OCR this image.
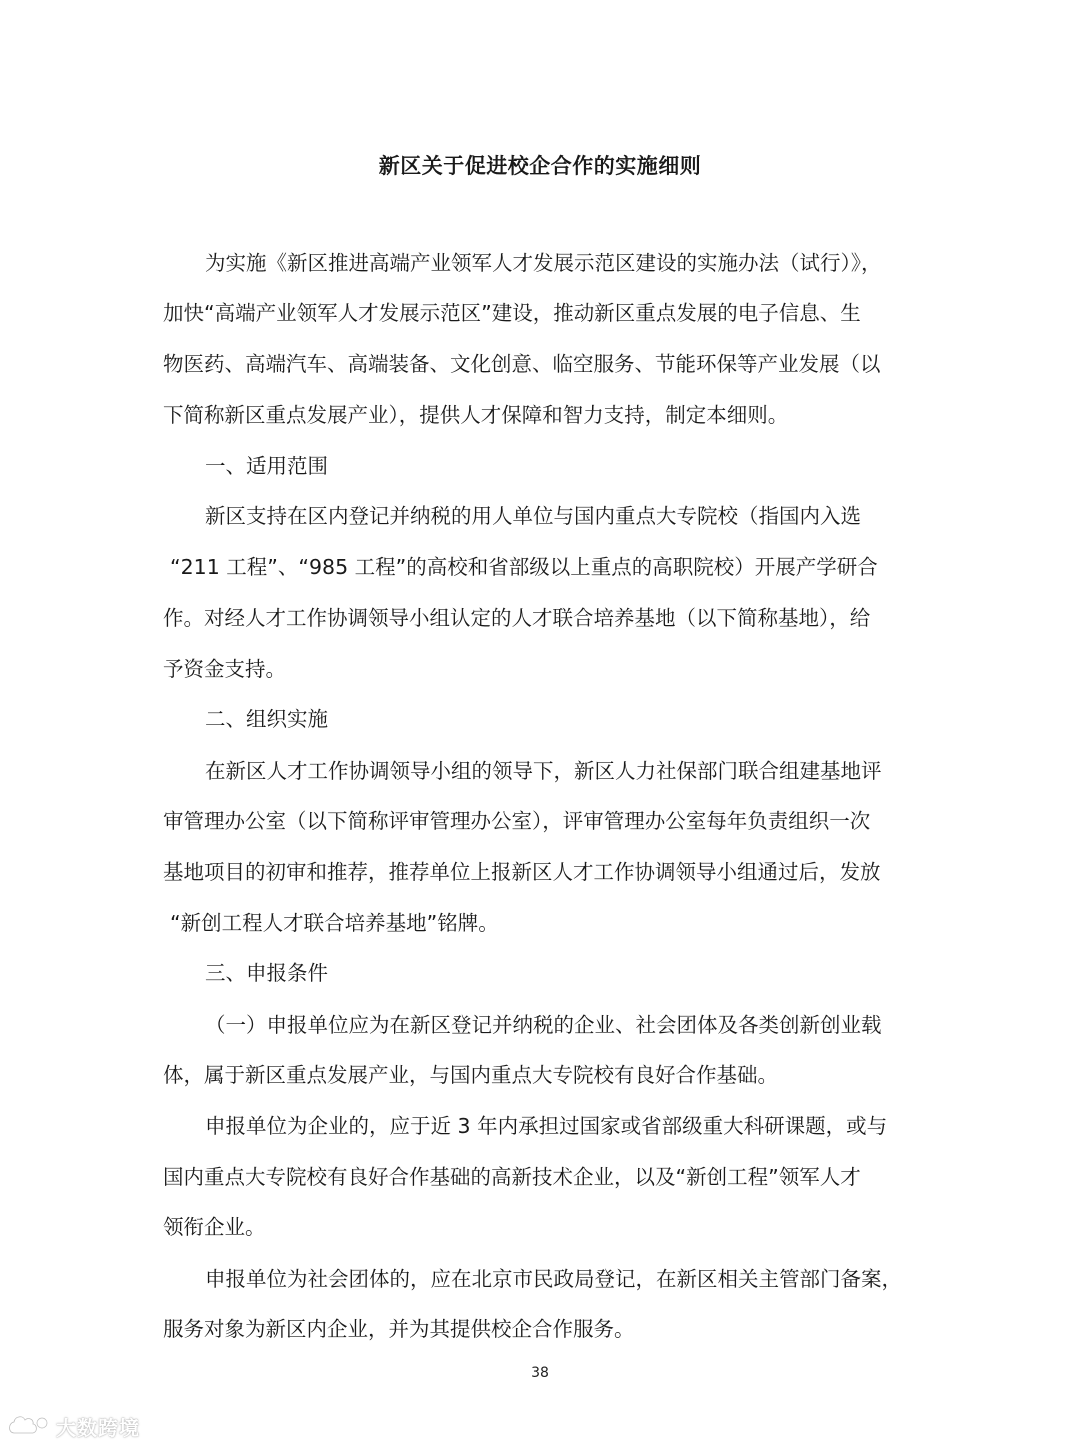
新区关于促进校企合作的实施细则
为实施《新区推进高端产业领军人才发展示范区建设的实施办法（试行）》，
加快“高端产业领军人才发展示范区”建设，推动新区重点发展的电子信息、生
物医药、高端汽车、高端装备、文化创意、临空服务、节能环保等产业发展（以
下简称新区重点发展产业），提供人才保障和智力支持，制定本细则。
一、适用范围
新区支持在区内登记并纳税的用人单位与国内重点大专院校（指国内入选
“211 工程”、“985 工程”的高校和省部级以上重点的高职院校）开展产学研合
作。对经人才工作协调领导小组认定的人才联合培养基地（以下简称基地），给
予资金支持。
二、组织实施
在新区人才工作协调领导小组的领导下，新区人力社保部门联合组建基地评
审管理办公室（以下简称评审管理办公室），评审管理办公室每年负责组织一次
基地项目的初审和推荐，推荐单位上报新区人才工作协调领导小组通过后，发放
“新创工程人才联合培养基地”铭牌。
三、申报条件
（一）申报单位应为在新区登记并纳税的企业、社会团体及各类创新创业载
体，属于新区重点发展产业，与国内重点大专院校有良好合作基础。
申报单位为企业的，应于近 3 年内承担过国家或省部级重大科研课题，或与
国内重点大专院校有良好合作基础的高新技术企业，以及“新创工程”领军人才
领衔企业。
申报单位为社会团体的，应在北京市民政局登记，在新区相关主管部门备案，
服务对象为新区内企业，并为其提供校企合作服务。
38
大数跨境
